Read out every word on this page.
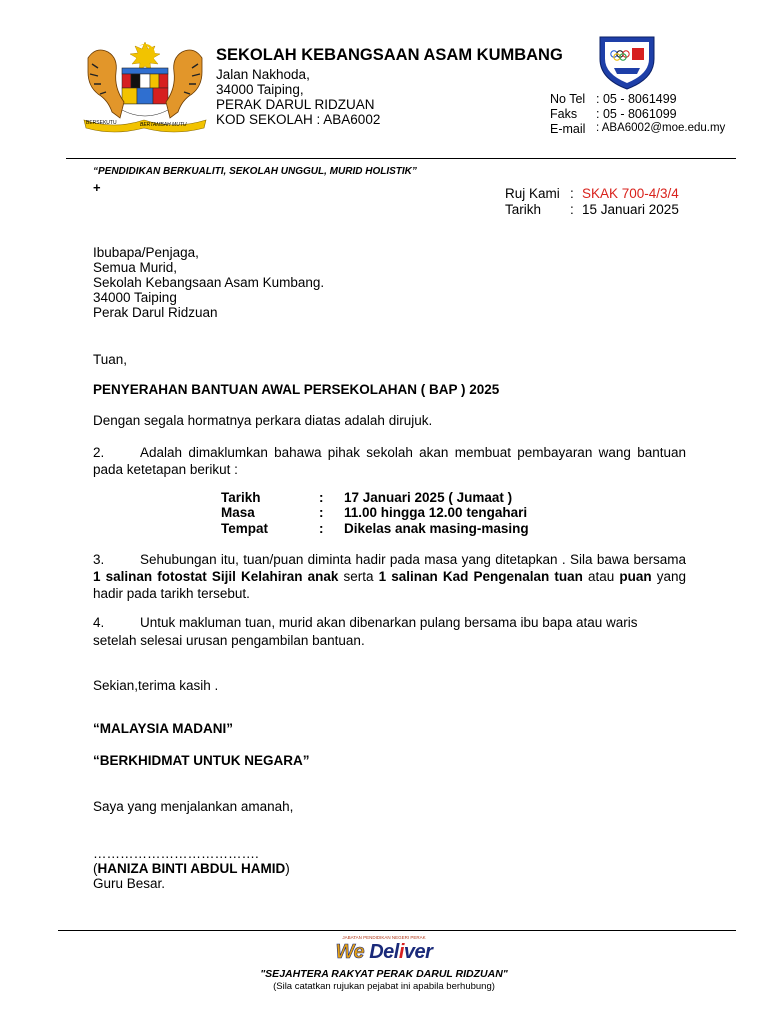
BERSEKUTU	BERTAMBAH MUTU
SEKOLAH KEBANGSAAN ASAM KUMBANG
Jalan Nakhoda,
34000 Taiping,
PERAK DARUL RIDZUAN
KOD SEKOLAH : ABA6002
No Tel : 05 - 8061499
Faks : 05 - 8061099
E-mail : ABA6002@moe.edu.my
“PENDIDIKAN BERKUALITI, SEKOLAH UNGGUL, MURID HOLISTIK”
+	Ruj Kami : SKAK 700-4/3/4
Tarikh : 15 Januari 2025
Ibubapa/Penjaga,
Semua Murid,
Sekolah Kebangsaan Asam Kumbang.
34000 Taiping
Perak Darul Ridzuan
Tuan,
PENYERAHAN BANTUAN AWAL PERSEKOLAHAN ( BAP ) 2025
Dengan segala hormatnya perkara diatas adalah dirujuk.
2.	Adalah dimaklumkan bahawa pihak sekolah akan membuat pembayaran wang bantuan pada ketetapan berikut :
Tarikh	: 17 Januari 2025 ( Jumaat )
Masa	: 11.00 hingga 12.00 tengahari
Tempat	: Dikelas anak masing-masing
3.	Sehubungan itu, tuan/puan diminta hadir pada masa yang ditetapkan . Sila bawa bersama 1 salinan fotostat Sijil Kelahiran anak serta 1 salinan Kad Pengenalan tuan atau puan yang hadir pada tarikh tersebut.
4.	Untuk makluman tuan, murid akan dibenarkan pulang bersama ibu bapa atau waris setelah selesai urusan pengambilan bantuan.
Sekian,terima kasih .
“MALAYSIA MADANI”
“BERKHIDMAT UNTUK NEGARA”
Saya yang menjalankan amanah,
……………………………….
(HANIZA BINTI ABDUL HAMID)
Guru Besar.
JABATAN PENDIDIKAN NEGERI PERAK
We Deliver
"SEJAHTERA RAKYAT PERAK DARUL RIDZUAN"
(Sila catatkan rujukan pejabat ini apabila berhubung)
